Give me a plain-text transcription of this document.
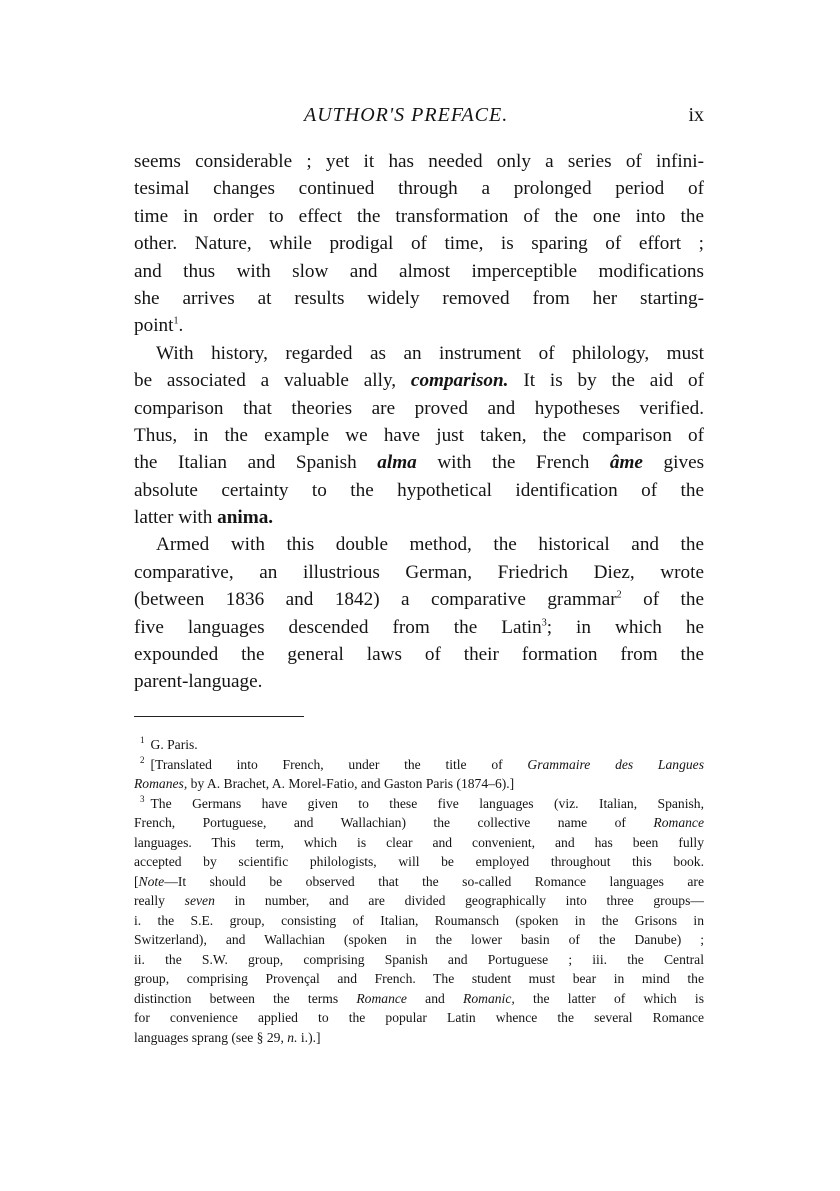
AUTHOR'S PREFACE.	ix
seems considerable ; yet it has needed only a series of infini-
tesimal changes continued through a prolonged period of
time in order to effect the transformation of the one into the
other. Nature, while prodigal of time, is sparing of effort ;
and thus with slow and almost imperceptible modifications
she arrives at results widely removed from her starting-
point$^1$.
With history, regarded as an instrument of philology, must
be associated a valuable ally, comparison. It is by the aid of
comparison that theories are proved and hypotheses verified.
Thus, in the example we have just taken, the comparison of
the Italian and Spanish alma with the French âme gives
absolute certainty to the hypothetical identification of the
latter with anima.
Armed with this double method, the historical and the
comparative, an illustrious German, Friedrich Diez, wrote
(between 1836 and 1842) a comparative grammar$^2$ of the
five languages descended from the Latin$^3$; in which he
expounded the general laws of their formation from the
parent-language.
$^1$ G. Paris.
$^2$ [Translated into French, under the title of Grammaire des Langues
Romanes, by A. Brachet, A. Morel-Fatio, and Gaston Paris (1874–6).]
$^3$ The Germans have given to these five languages (viz. Italian, Spanish,
French, Portuguese, and Wallachian) the collective name of Romance
languages. This term, which is clear and convenient, and has been fully
accepted by scientific philologists, will be employed throughout this book.
[Note—It should be observed that the so-called Romance languages are
really seven in number, and are divided geographically into three groups—
i. the S.E. group, consisting of Italian, Roumansch (spoken in the Grisons in
Switzerland), and Wallachian (spoken in the lower basin of the Danube) ;
ii. the S.W. group, comprising Spanish and Portuguese ; iii. the Central
group, comprising Provençal and French. The student must bear in mind the
distinction between the terms Romance and Romanic, the latter of which is
for convenience applied to the popular Latin whence the several Romance
languages sprang (see § 29, n. i.).]
